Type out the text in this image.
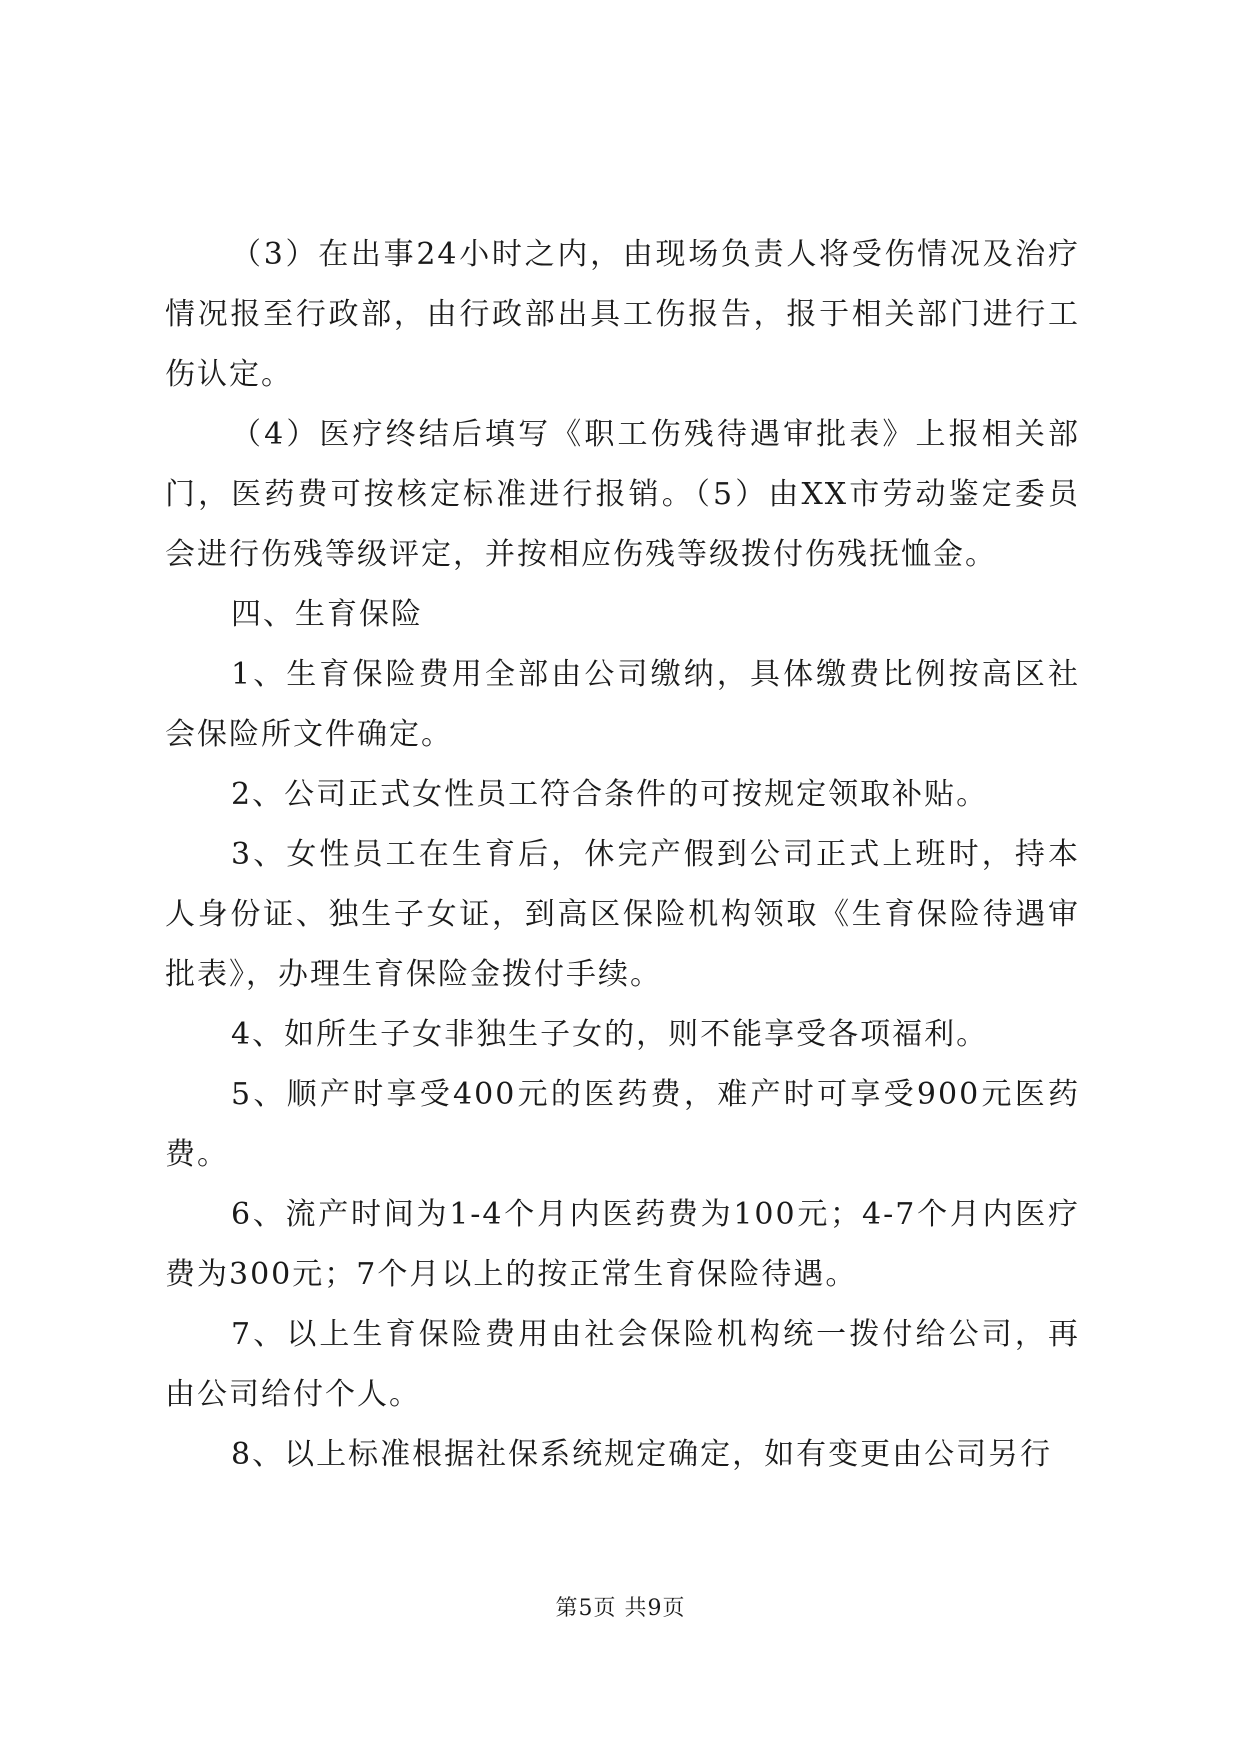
（3）在出事24小时之内，由现场负责人将受伤情况及治疗情况报至行政部，由行政部出具工伤报告，报于相关部门进行工伤认定。

（4）医疗终结后填写《职工伤残待遇审批表》上报相关部门，医药费可按核定标准进行报销。（5）由XX市劳动鉴定委员会进行伤残等级评定，并按相应伤残等级拨付伤残抚恤金。

四、生育保险

1、生育保险费用全部由公司缴纳，具体缴费比例按高区社会保险所文件确定。

2、公司正式女性员工符合条件的可按规定领取补贴。

3、女性员工在生育后，休完产假到公司正式上班时，持本人身份证、独生子女证，到高区保险机构领取《生育保险待遇审批表》，办理生育保险金拨付手续。

4、如所生子女非独生子女的，则不能享受各项福利。

5、顺产时享受400元的医药费，难产时可享受900元医药费。

6、流产时间为1-4个月内医药费为100元；4-7个月内医疗费为300元；7个月以上的按正常生育保险待遇。

7、以上生育保险费用由社会保险机构统一拨付给公司，再由公司给付个人。

8、以上标准根据社保系统规定确定，如有变更由公司另行

第5页 共9页
